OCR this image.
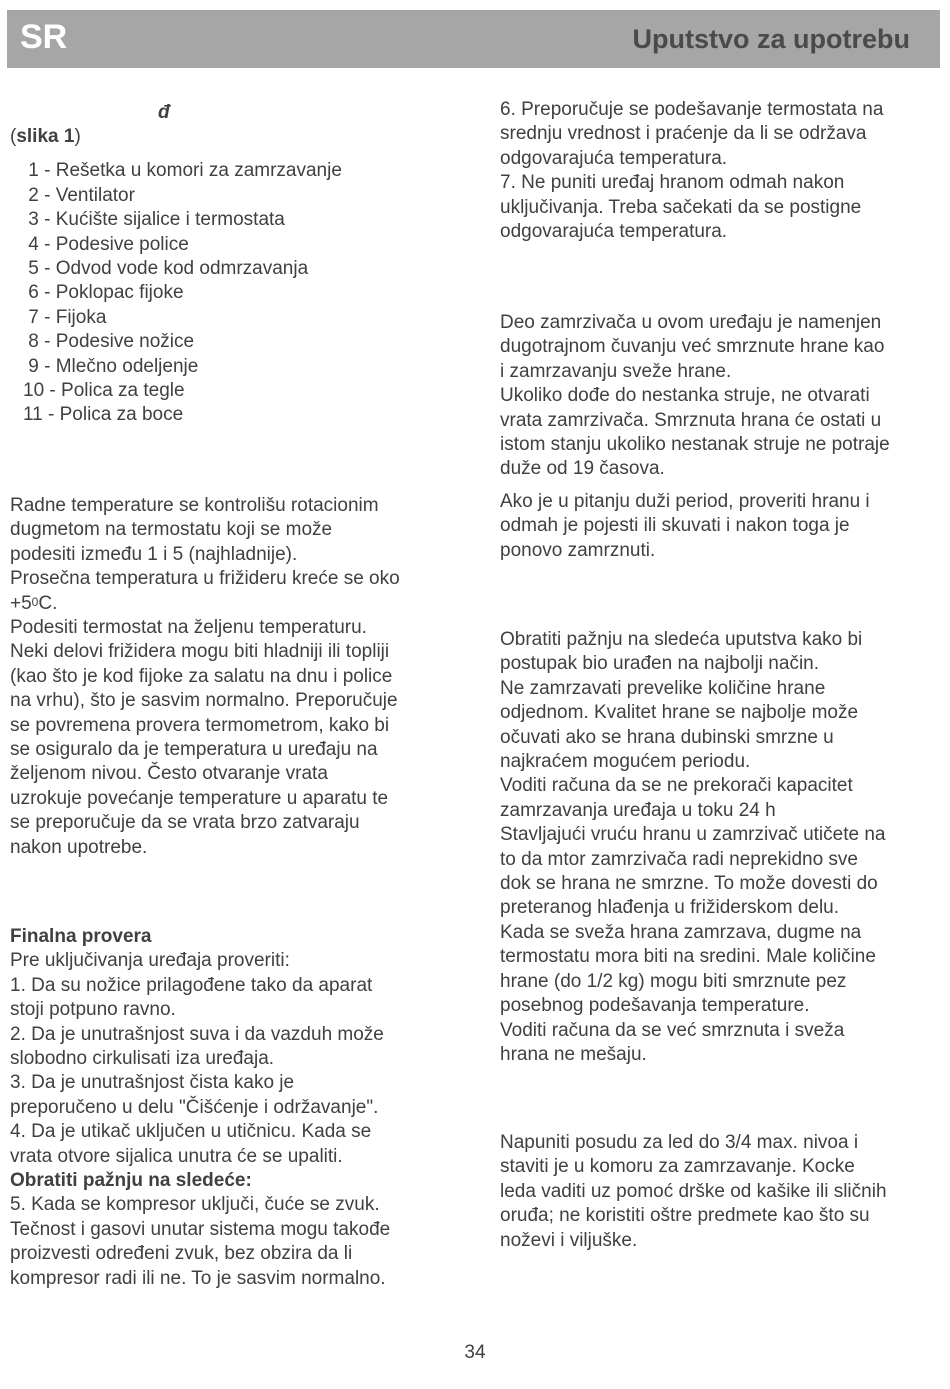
SR	Uputstvo za upotrebu
đ
(slika 1)
1 - Rešetka u komori za zamrzavanje
2 - Ventilator
3 - Kućište sijalice i termostata
4 - Podesive police
5 - Odvod vode kod odmrzavanja
6 - Poklopac fijoke
7 - Fijoka
8 - Podesive nožice
9 - Mlečno odeljenje
10 - Polica za tegle
11 - Polica za boce
Radne temperature se kontrolišu rotacionim
dugmetom na termostatu koji se može
podesiti između 1 i 5 (najhladnije).
Prosečna temperatura u frižideru kreće se oko
$+5^0C$.
Podesiti termostat na željenu temperaturu.
Neki delovi frižidera mogu biti hladniji ili topliji
(kao što je kod fijoke za salatu na dnu i police
na vrhu), što je sasvim normalno. Preporučuje
se povremena provera termometrom, kako bi
se osiguralo da je temperatura u uređaju na
željenom nivou. Često otvaranje vrata
uzrokuje povećanje temperature u aparatu te
se preporučuje da se vrata brzo zatvaraju
nakon upotrebe.
Finalna provera
Pre uključivanja uređaja proveriti:
1. Da su nožice prilagođene tako da aparat
stoji potpuno ravno.
2. Da je unutrašnjost suva i da vazduh može
slobodno cirkulisati iza uređaja.
3. Da je unutrašnjost čista kako je
preporučeno u delu "Čišćenje i održavanje".
4. Da je utikač uključen u utičnicu. Kada se
vrata otvore sijalica unutra će se upaliti.
Obratiti pažnju na sledeće:
5. Kada se kompresor uključi, čuće se zvuk.
Tečnost i gasovi unutar sistema mogu takođe
proizvesti određeni zvuk, bez obzira da li
kompresor radi ili ne. To je sasvim normalno.
6. Preporučuje se podešavanje termostata na
srednju vrednost i praćenje da li se održava
odgovarajuća temperatura.
7. Ne puniti uređaj hranom odmah nakon
uključivanja. Treba sačekati da se postigne
odgovarajuća temperatura.
Deo zamrzivača u ovom uređaju je namenjen
dugotrajnom čuvanju već smrznute hrane kao
i zamrzavanju sveže hrane.
Ukoliko dođe do nestanka struje, ne otvarati
vrata zamrzivača. Smrznuta hrana će ostati u
istom stanju ukoliko nestanak struje ne potraje
duže od 19 časova.
Ako je u pitanju duži period, proveriti hranu i
odmah je pojesti ili skuvati i nakon toga je
ponovo zamrznuti.
Obratiti pažnju na sledeća uputstva kako bi
postupak bio urađen na najbolji način.
Ne zamrzavati prevelike količine hrane
odjednom. Kvalitet hrane se najbolje može
očuvati ako se hrana dubinski smrzne u
najkraćem mogućem periodu.
Voditi računa da se ne prekorači kapacitet
zamrzavanja uređaja u toku 24 h
Stavljajući vruću hranu u zamrzivač utičete na
to da mtor zamrzivača radi neprekidno sve
dok se hrana ne smrzne. To može dovesti do
preteranog hlađenja u frižiderskom delu.
Kada se sveža hrana zamrzava, dugme na
termostatu mora biti na sredini. Male količine
hrane (do 1/2 kg) mogu biti smrznute pez
posebnog podešavanja temperature.
Voditi računa da se već smrznuta i sveža
hrana ne mešaju.
Napuniti posudu za led do 3/4 max. nivoa i
staviti je u komoru za zamrzavanje. Kocke
leda vaditi uz pomoć drške od kašike ili sličnih
oruđa; ne koristiti oštre predmete kao što su
noževi i viljuške.
34
